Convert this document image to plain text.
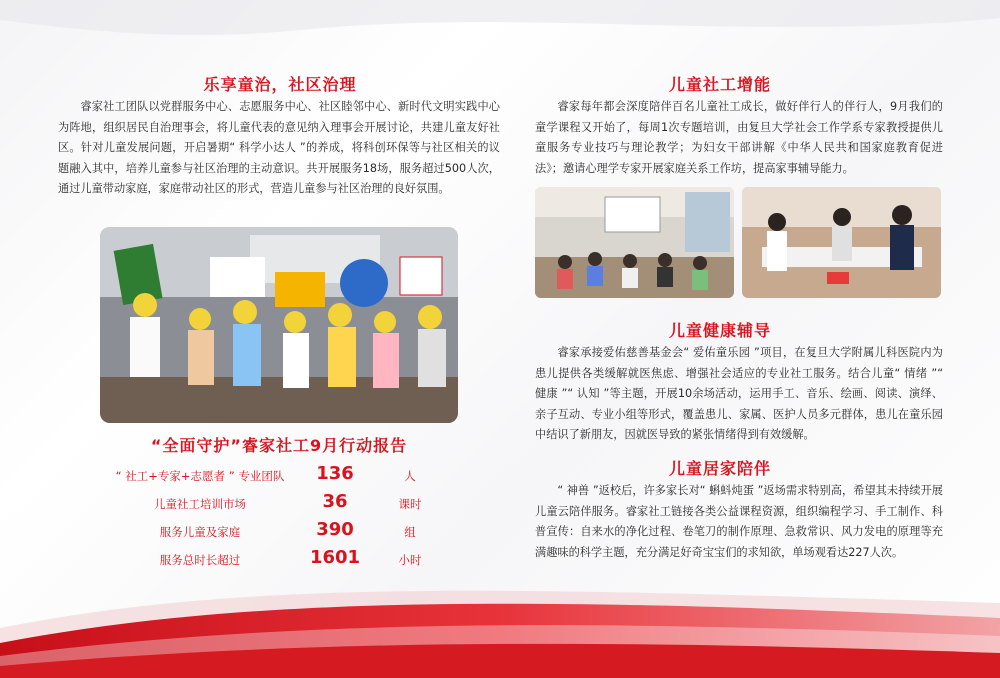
乐享童治，社区治理
睿家社工团队以党群服务中心、志愿服务中心、社区睦邻中心、新时代文明实践中心为阵地，组织居民自治理事会，将儿童代表的意见纳入理事会开展讨论，共建儿童友好社区。针对儿童发展问题，开启暑期“ 科学小达人 ”的养成，将科创环保等与社区相关的议题融入其中，培养儿童参与社区治理的主动意识。共开展服务18场，服务超过500人次，通过儿童带动家庭，家庭带动社区的形式，营造儿童参与社区治理的良好氛围。
“全面守护”睿家社工9月行动报告
“ 社工+专家+志愿者 ” 专业团队	136	人
儿童社工培训市场	36	课时
服务儿童及家庭	390	组
服务总时长超过	1601	小时
儿童社工增能
睿家每年都会深度陪伴百名儿童社工成长，做好伴行人的伴行人，9月我们的童学课程又开始了，每周1次专题培训，由复旦大学社会工作学系专家教授提供儿童服务专业技巧与理论教学；为妇女干部讲解《中华人民共和国家庭教育促进法》；邀请心理学专家开展家庭关系工作坊，提高家事辅导能力。
儿童健康辅导
睿家承接爱佑慈善基金会“ 爱佑童乐园 ”项目，在复旦大学附属儿科医院内为患儿提供各类缓解就医焦虑、增强社会适应的专业社工服务。结合儿童“ 情绪 ”“ 健康 ”“ 认知 ”等主题，开展10余场活动，运用手工、音乐、绘画、阅读、演绎、亲子互动、专业小组等形式，覆盖患儿、家属、医护人员多元群体，患儿在童乐园中结识了新朋友，因就医导致的紧张情绪得到有效缓解。
儿童居家陪伴
“ 神兽 ”返校后，许多家长对“ 蝌蚪炖蛋 ”返场需求特别高，希望其未持续开展儿童云陪伴服务。睿家社工链接各类公益课程资源，组织编程学习、手工制作、科普宣传：自来水的净化过程、卷笔刀的制作原理、急救常识、风力发电的原理等充满趣味的科学主题，充分满足好奇宝宝们的求知欲，单场观看达227人次。
